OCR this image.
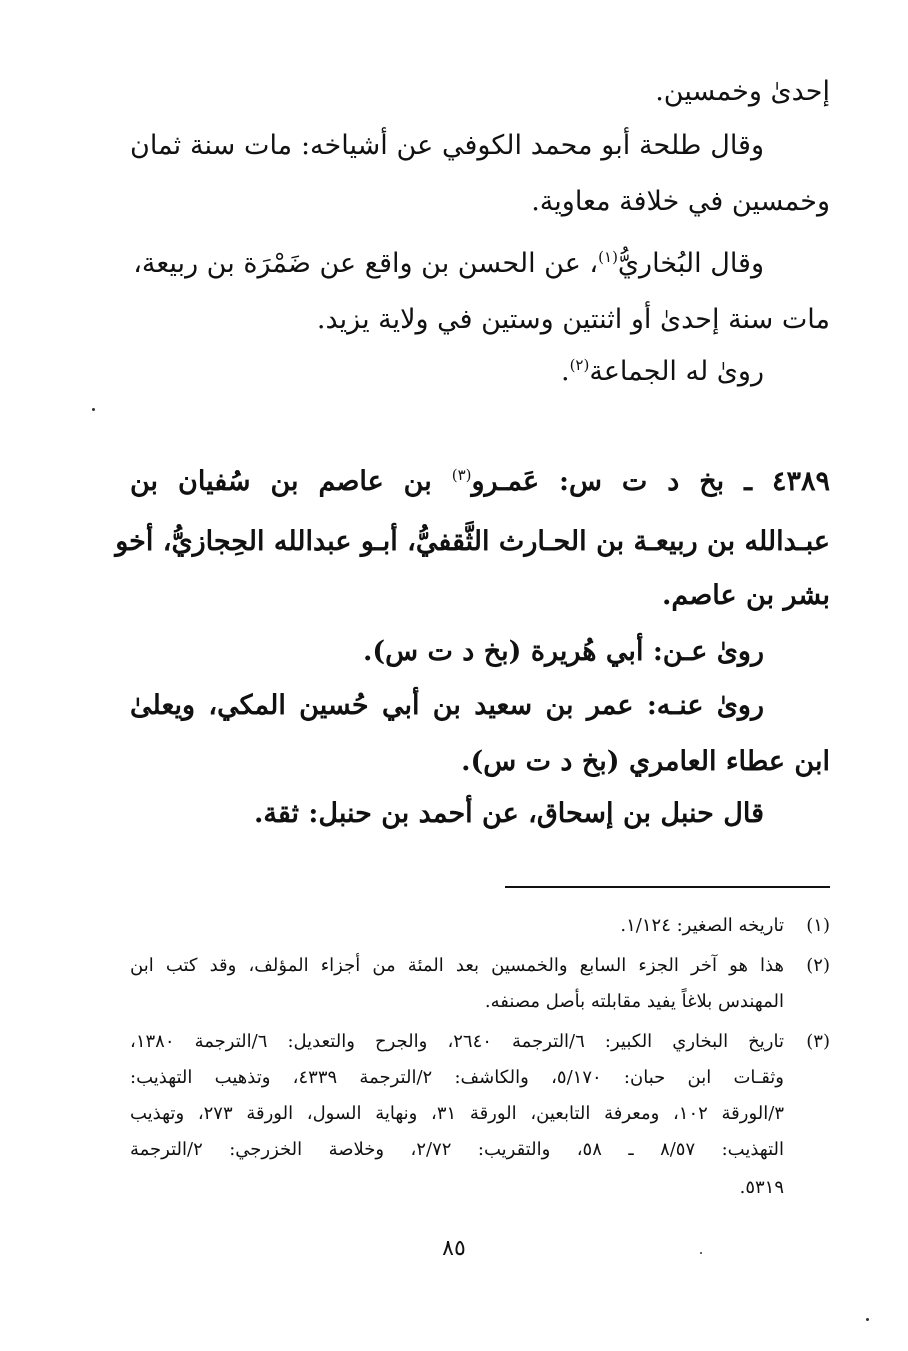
إحدىٰ وخمسين.
وقال طلحة أبو محمد الكوفي عن أشياخه: مات سنة ثمان
وخمسين في خلافة معاوية.
وقال البُخاريُّ$^{(١)}$، عن الحسن بن واقع عن ضَمْرَة بن ربيعة،
مات سنة إحدىٰ أو اثنتين وستين في ولاية يزيد.
روىٰ له الجماعة$^{(٢)}$.
٤٣٨٩ ـ بخ د ت س: عَمـرو$^{(٣)}$ بن عاصم بن سُفيان بن
عبـدالله بن ربيعـة بن الحـارث الثَّقفيُّ، أبـو عبدالله الحِجازيُّ، أخو
بشر بن عاصم.
روىٰ عـن: أبي هُريرة (بخ د ت س).
روىٰ عنـه: عمر بن سعيد بن أبي حُسين المكي، ويعلىٰ
ابن عطاء العامري (بخ د ت س).
قال حنبل بن إسحاق، عن أحمد بن حنبل: ثقة.
(١)
تاريخه الصغير: ١/١٢٤.
(٢)
هذا هو آخر الجزء السابع والخمسين بعد المئة من أجزاء المؤلف، وقد كتب ابن
المهندس بلاغاً يفيد مقابلته بأصل مصنفه.
(٣)
تاريخ البخاري الكبير: ٦/الترجمة ٢٦٤٠، والجرح والتعديل: ٦/الترجمة ١٣٨٠،
وثقـات ابن حبان: ٥/١٧٠، والكاشف: ٢/الترجمة ٤٣٣٩، وتذهيب التهذيب:
٣/الورقة ١٠٢، ومعرفة التابعين، الورقة ٣١، ونهاية السول، الورقة ٢٧٣، وتهذيب
التهذيب: ٨/٥٧ ـ ٥٨، والتقريب: ٢/٧٢، وخلاصة الخزرجي: ٢/الترجمة
٥٣١٩.
٨٥
